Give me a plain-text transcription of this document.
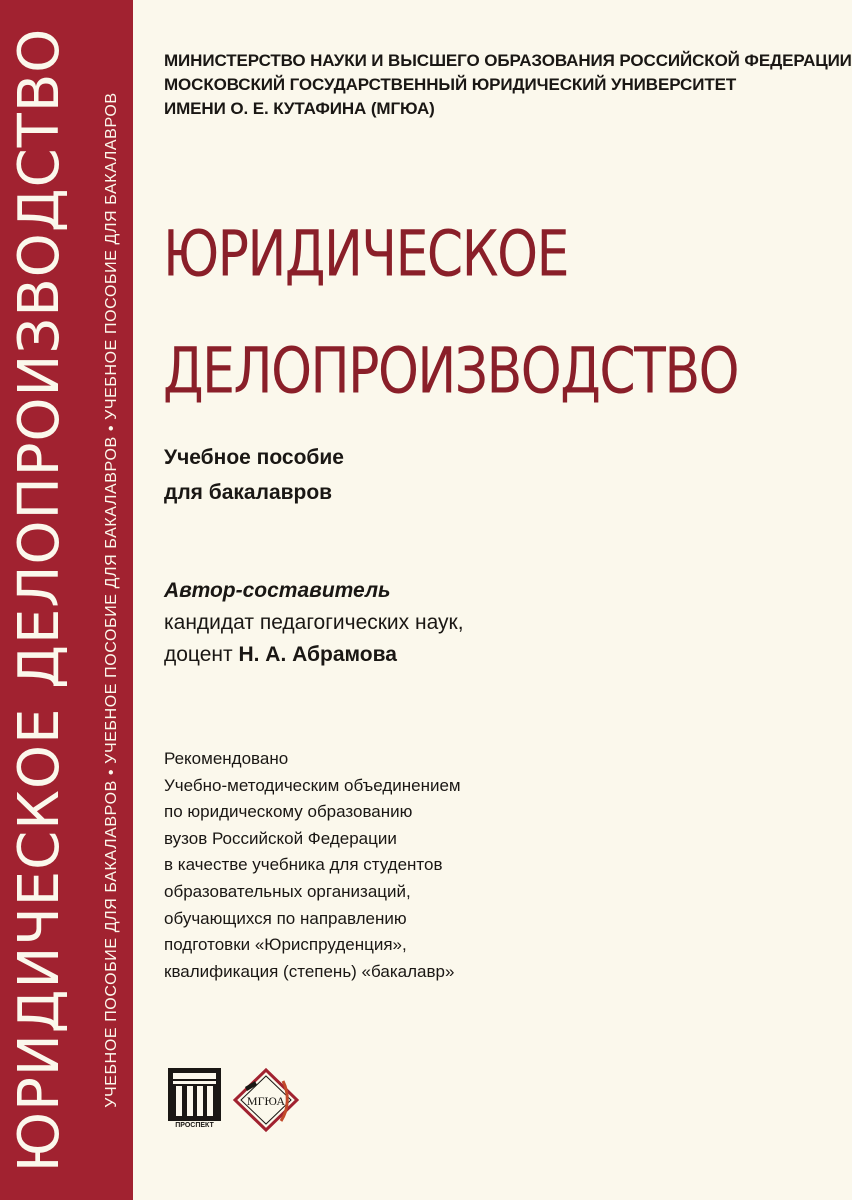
ЮРИДИЧЕСКОЕ ДЕЛОПРОИЗВОДСТВО УЧЕБНОЕ ПОСОБИЕ ДЛЯ БАКАЛАВРОВ • УЧЕБНОЕ ПОСОБИЕ ДЛЯ БАКАЛАВРОВ • УЧЕБНОЕ ПОСОБИЕ ДЛЯ БАКАЛАВРОВ
МИНИСТЕРСТВО НАУКИ И ВЫСШЕГО ОБРАЗОВАНИЯ РОССИЙСКОЙ ФЕДЕРАЦИИ
МОСКОВСКИЙ ГОСУДАРСТВЕННЫЙ ЮРИДИЧЕСКИЙ УНИВЕРСИТЕТ
ИМЕНИ О. Е. КУТАФИНА (МГЮА)
ЮРИДИЧЕСКОЕ
ДЕЛОПРОИЗВОДСТВО
Учебное пособие
для бакалавров
Автор-составитель
кандидат педагогических наук,
доцент Н. А. Абрамова
Рекомендовано
Учебно-методическим объединением
по юридическому образованию
вузов Российской Федерации
в качестве учебника для студентов
образовательных организаций,
обучающихся по направлению
подготовки «Юриспруденция»,
квалификация (степень) «бакалавр»
ПРОСПЕКТ
МГЮА
